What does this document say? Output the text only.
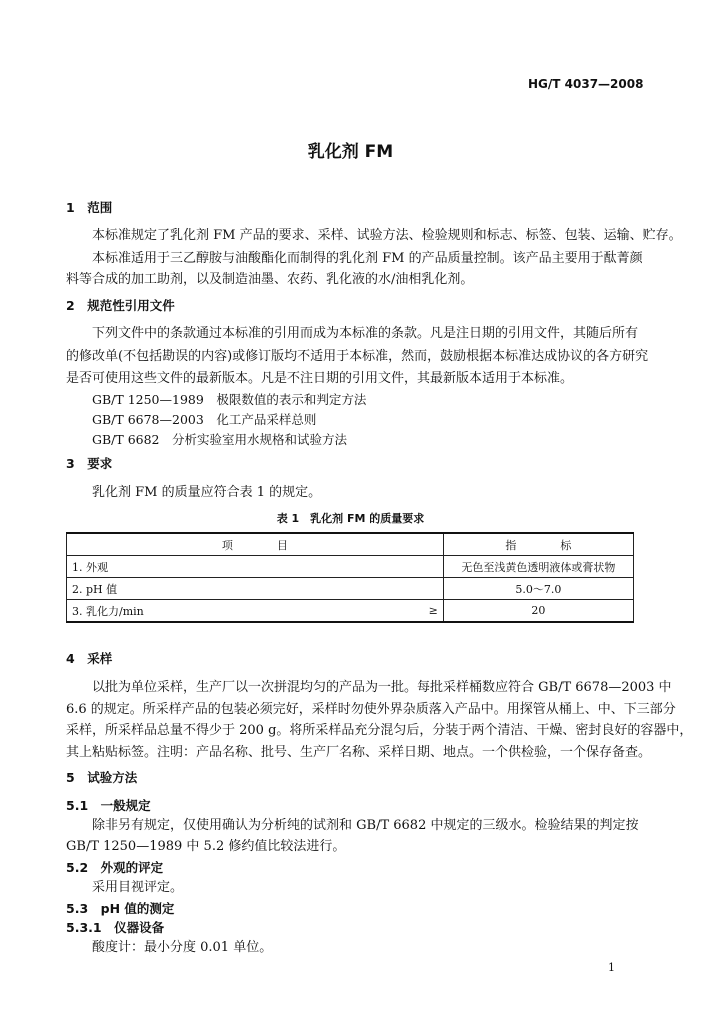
HG/T 4037—2008
乳化剂 FM
1　范围
本标准规定了乳化剂 FM 产品的要求、采样、试验方法、检验规则和标志、标签、包装、运输、贮存。
本标准适用于三乙醇胺与油酸酯化而制得的乳化剂 FM 的产品质量控制。该产品主要用于酞菁颜
料等合成的加工助剂，以及制造油墨、农药、乳化液的水/油相乳化剂。
2　规范性引用文件
下列文件中的条款通过本标准的引用而成为本标准的条款。凡是注日期的引用文件，其随后所有
的修改单(不包括勘误的内容)或修订版均不适用于本标准，然而，鼓励根据本标准达成协议的各方研究
是否可使用这些文件的最新版本。凡是不注日期的引用文件，其最新版本适用于本标准。
GB/T 1250—1989　极限数值的表示和判定方法
GB/T 6678—2003　化工产品采样总则
GB/T 6682　分析实验室用水规格和试验方法
3　要求
乳化剂 FM 的质量应符合表 1 的规定。
表 1　乳化剂 FM 的质量要求
项　　　　目		指　　　　标
1. 外观		无色至浅黄色透明液体或膏状物
2. pH 值		5.0～7.0
3. 乳化力/min	≥	20
4　采样
以批为单位采样，生产厂以一次拼混均匀的产品为一批。每批采样桶数应符合 GB/T 6678—2003 中
6.6 的规定。所采样产品的包装必须完好，采样时勿使外界杂质落入产品中。用探管从桶上、中、下三部分
采样，所采样品总量不得少于 200 g。将所采样品充分混匀后，分装于两个清洁、干燥、密封良好的容器中，
其上粘贴标签。注明：产品名称、批号、生产厂名称、采样日期、地点。一个供检验，一个保存备查。
5　试验方法
5.1　一般规定
除非另有规定，仅使用确认为分析纯的试剂和 GB/T 6682 中规定的三级水。检验结果的判定按
GB/T 1250—1989 中 5.2 修约值比较法进行。
5.2　外观的评定
采用目视评定。
5.3　pH 值的测定
5.3.1　仪器设备
酸度计：最小分度 0.01 单位。
1
